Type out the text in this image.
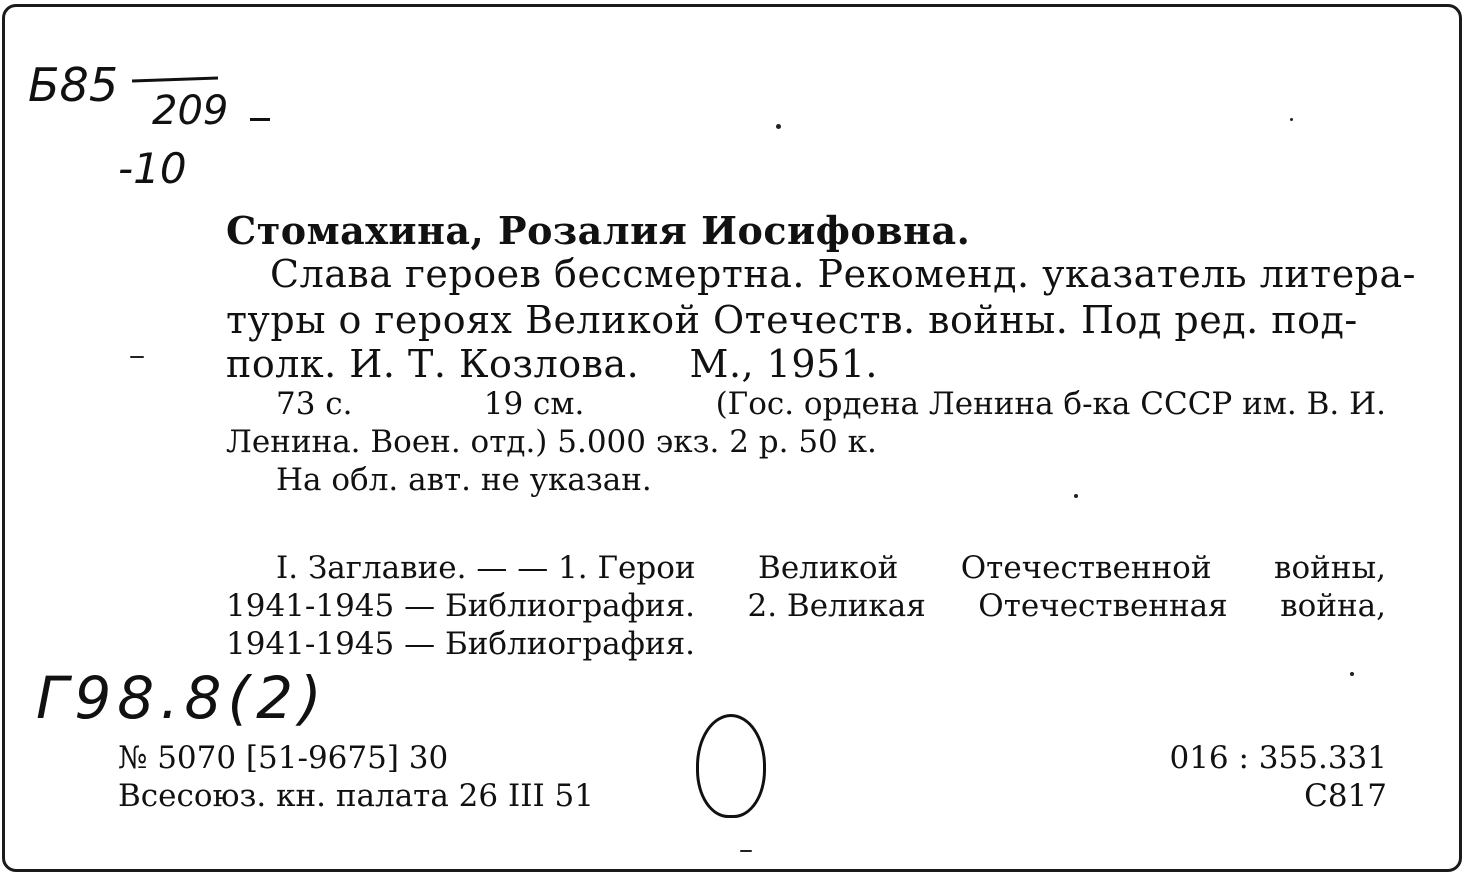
Б85 209
-10
Стомахина, Розалия Иосифовна.
Слава героев бессмертна. Рекоменд. указатель литера-
туры о героях Великой Отечеств. войны. Под ред. под-
полк. И. Т. Козлова.    М., 1951.
73 с.	19 см.	(Гос. ордена Ленина б-ка СССР им. В. И.
Ленина. Воен. отд.) 5.000 экз. 2 р. 50 к.
На обл. авт. не указан.
I. Заглавие. — — 1. Герои Великой Отечественной войны,
1941-1945 — Библиография. 2. Великая Отечественная война,
1941-1945 — Библиография.
Г98.8(2)
№ 5070 [51-9675] 30
Всесоюз. кн. палата 26 III 51
016 : 355.331
С817
